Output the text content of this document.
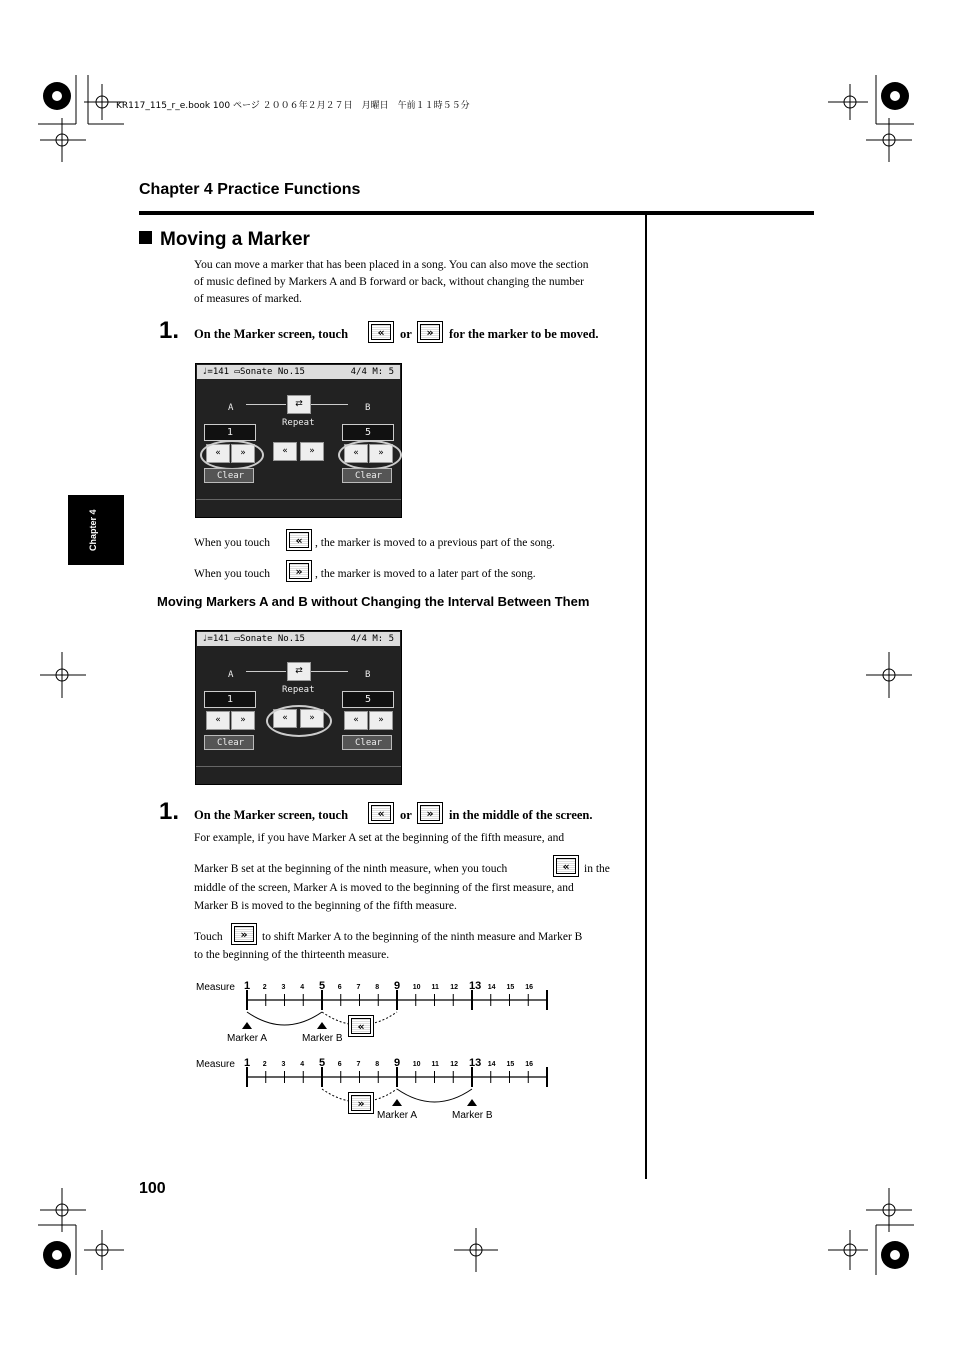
KR117_115_r_e.book 100 ページ ２００６年２月２７日　月曜日　午前１１時５５分
Chapter 4 Practice Functions
Chapter 4
Moving a Marker
You can move a marker that has been placed in a song. You can also move the section
of music defined by Markers A and B forward or back, without changing the number
of measures of marked.
1. On the Marker screen, touch	«	or	»	for the marker to be moved.
♩=141 ▭Sonate No.15	4/4 M: 5
A	B
⇄
Repeat
1	5
«	»	«	»	«	»
Clear	Clear
When you touch	«	, the marker is moved to a previous part of the song.
When you touch	»	, the marker is moved to a later part of the song.
Moving Markers A and B without Changing the Interval Between Them
♩=141 ▭Sonate No.15	4/4 M: 5
A	B
⇄
Repeat
1	5
«	»	«	»	«	»
Clear	Clear
1. On the Marker screen, touch	«	or	»	in the middle of the screen.
For example, if you have Marker A set at the beginning of the fifth measure, and
Marker B set at the beginning of the ninth measure, when you touch	«	in the
middle of the screen, Marker A is moved to the beginning of the first measure, and
Marker B is moved to the beginning of the fifth measure.
Touch	»	to shift Marker A to the beginning of the ninth measure and Marker B
to the beginning of the thirteenth measure.
Measure 1 2 3 4 5 6 7 8 9 10 11 12 13 14 15 16
«
Marker A	Marker B
Measure 1 2 3 4 5 6 7 8 9 10 11 12 13 14 15 16
»
Marker A	Marker B
100
